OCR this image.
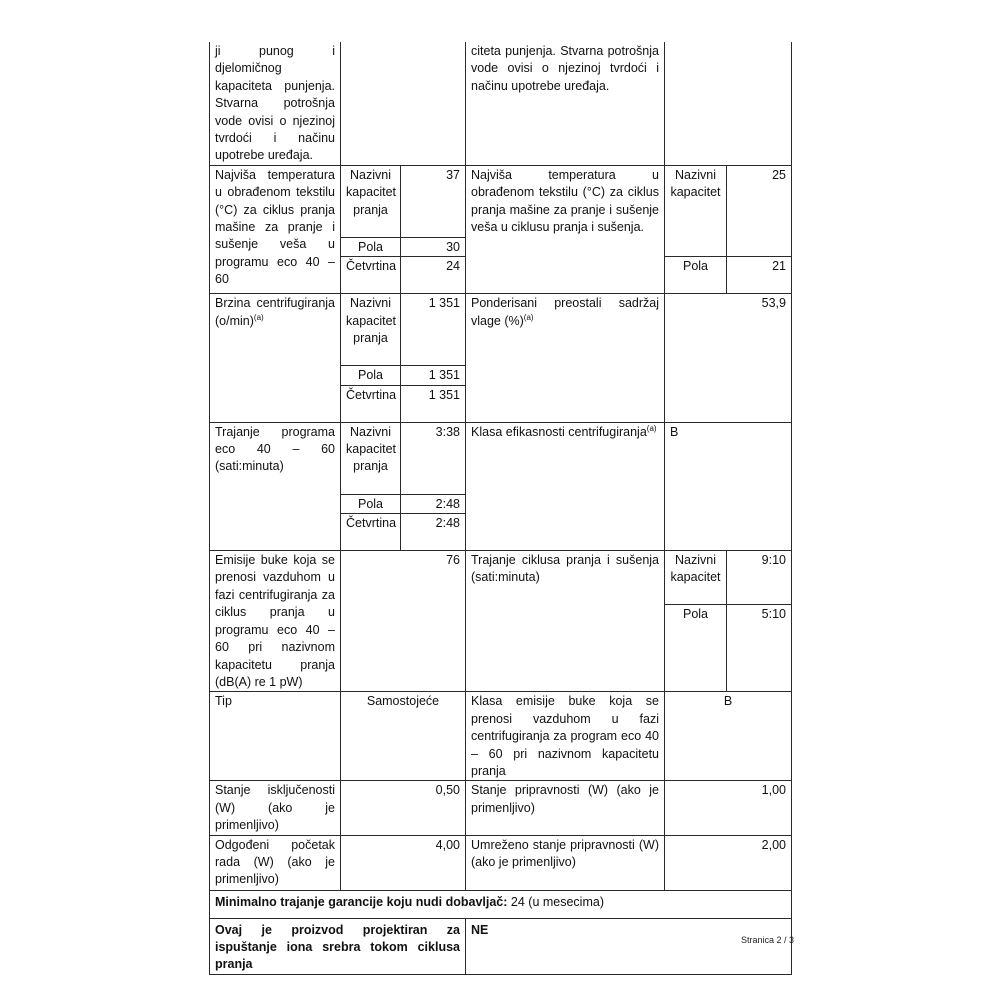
ji punog i djelomičnog kapaciteta punjenja. Stvarna potrošnja vode ovisi o njezinoj tvrdoći i načinu upotrebe uređaja.			citeta punjenja. Stvarna potrošnja vode ovisi o njezinoj tvrdoći i načinu upotrebe uređaja.		
Najviša temperatura u obrađenom tekstilu (°C) za ciklus pranja mašine za pranje i sušenje veša u programu eco 40 – 60	Nazivni kapacitet pranja	37	Najviša temperatura u obrađenom tekstilu (°C) za ciklus pranja mašine za pranje i sušenje veša u ciklusu pranja i sušenja.	Nazivni kapacitet	25
	Pola	30			
	Četvrtina	24		Pola	21
Brzina centrifugiranja $(o/\min)^{(a)}$	Nazivni kapacitet pranja	1 351	Ponderisani preostali sadržaj vlage (%)$^{(a)}$	53,9	
	Pola	1 351			
	Četvrtina	1 351			
Trajanje programa eco 40 – 60 (sati:minuta)	Nazivni kapacitet pranja	3:38	Klasa efikasnosti centrifugiranja$^{(a)}$	B	
	Pola	2:48			
	Četvrtina	2:48			
Emisije buke koja se prenosi vazduhom u fazi centrifugiranja za ciklus pranja u programu eco 40 – 60 pri nazivnom kapacitetu pranja (dB(A) re 1 pW)	76		Trajanje ciklusa pranja i sušenja (sati:minuta)	Nazivni kapacitet	9:10
				Pola	5:10
Tip	Samostojeće		Klasa emisije buke koja se prenosi vazduhom u fazi centrifugiranja za program eco 40 – 60 pri nazivnom kapacitetu pranja	B	
Stanje isključenosti (W) (ako je primenljivo)	0,50		Stanje pripravnosti (W) (ako je primenljivo)	1,00	
Odgođeni početak rada (W) (ako je primenljivo)	4,00		Umreženo stanje pripravnosti (W) (ako je primenljivo)	2,00	
Minimalno trajanje garancije koju nudi dobavljač: 24 (u mesecima)					
Ovaj je proizvod projektiran za ispuštanje iona srebra tokom ciklusa pranja			NE		
Stranica 2 / 3
